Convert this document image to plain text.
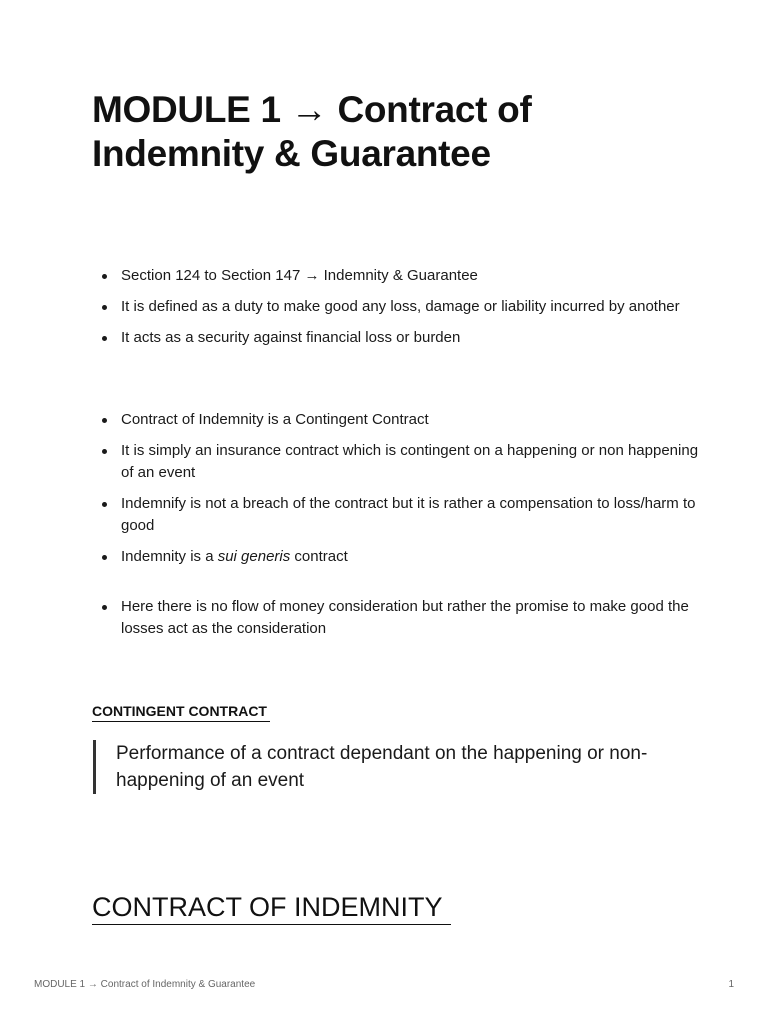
MODULE 1 → Contract of Indemnity & Guarantee
Section 124 to Section 147 → Indemnity & Guarantee
It is defined as a duty to make good any loss, damage or liability incurred by another
It acts as a security against financial loss or burden
Contract of Indemnity is a Contingent Contract
It is simply an insurance contract which is contingent on a happening or non happening of an event
Indemnify is not a breach of the contract but it is rather a compensation to loss/harm to good
Indemnity is a sui generis contract
Here there is no flow of money consideration but rather the promise to make good the losses act as the consideration
CONTINGENT CONTRACT
Performance of a contract dependant on the happening or non-happening of an event
CONTRACT OF INDEMNITY
MODULE 1 → Contract of Indemnity & Guarantee	1
